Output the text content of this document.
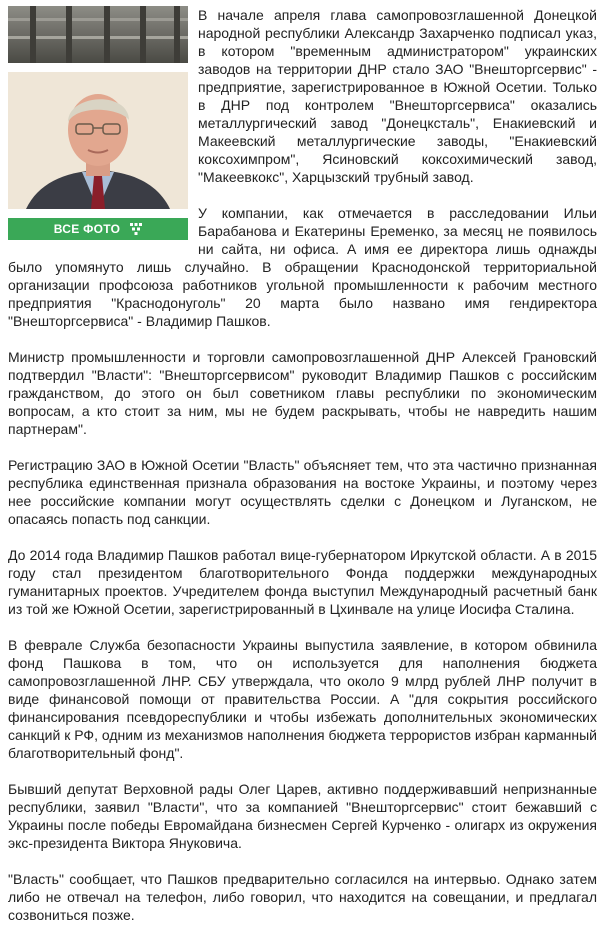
ВСЕ ФОТО

В начале апреля глава самопровозглашенной Донецкой народной республики Александр Захарченко подписал указ, в котором "временным администратором" украинских заводов на территории ДНР стало ЗАО "Внешторгсервис" - предприятие, зарегистрированное в Южной Осетии. Только в ДНР под контролем "Внешторгсервиса" оказались металлургический завод "Донецксталь", Енакиевский и Макеевский металлургические заводы, "Енакиевский коксохимпром", Ясиновский коксохимический завод, "Макеевкокс", Харцызский трубный завод.

У компании, как отмечается в расследовании Ильи Барабанова и Екатерины Еременко, за месяц не появилось ни сайта, ни офиса. А имя ее директора лишь однажды было упомянуто лишь случайно. В обращении Краснодонской территориальной организации профсоюза работников угольной промышленности к рабочим местного предприятия "Краснодонуголь" 20 марта было названо имя гендиректора "Внешторгсервиса" - Владимир Пашков.

Министр промышленности и торговли самопровозглашенной ДНР Алексей Грановский подтвердил "Власти": "Внешторгсервисом" руководит Владимир Пашков с российским гражданством, до этого он был советником главы республики по экономическим вопросам, а кто стоит за ним, мы не будем раскрывать, чтобы не навредить нашим партнерам".

Регистрацию ЗАО в Южной Осетии "Власть" объясняет тем, что эта частично признанная республика единственная признала образования на востоке Украины, и поэтому через нее российские компании могут осуществлять сделки с Донецком и Луганском, не опасаясь попасть под санкции.

До 2014 года Владимир Пашков работал вице-губернатором Иркутской области. А в 2015 году стал президентом благотворительного Фонда поддержки международных гуманитарных проектов. Учредителем фонда выступил Международный расчетный банк из той же Южной Осетии, зарегистрированный в Цхинвале на улице Иосифа Сталина.

В феврале Служба безопасности Украины выпустила заявление, в котором обвинила фонд Пашкова в том, что он используется для наполнения бюджета самопровозглашенной ЛНР. СБУ утверждала, что около 9 млрд рублей ЛНР получит в виде финансовой помощи от правительства России. А "для сокрытия российского финансирования псевдореспублики и чтобы избежать дополнительных экономических санкций к РФ, одним из механизмов наполнения бюджета террористов избран карманный благотворительный фонд".

Бывший депутат Верховной рады Олег Царев, активно поддерживавший непризнанные республики, заявил "Власти", что за компанией "Внешторгсервис" стоит бежавший с Украины после победы Евромайдана бизнесмен Сергей Курченко - олигарх из окружения экс-президента Виктора Януковича.

"Власть" сообщает, что Пашков предварительно согласился на интервью. Однако затем либо не отвечал на телефон, либо говорил, что находится на совещании, и предлагал созвониться позже.
